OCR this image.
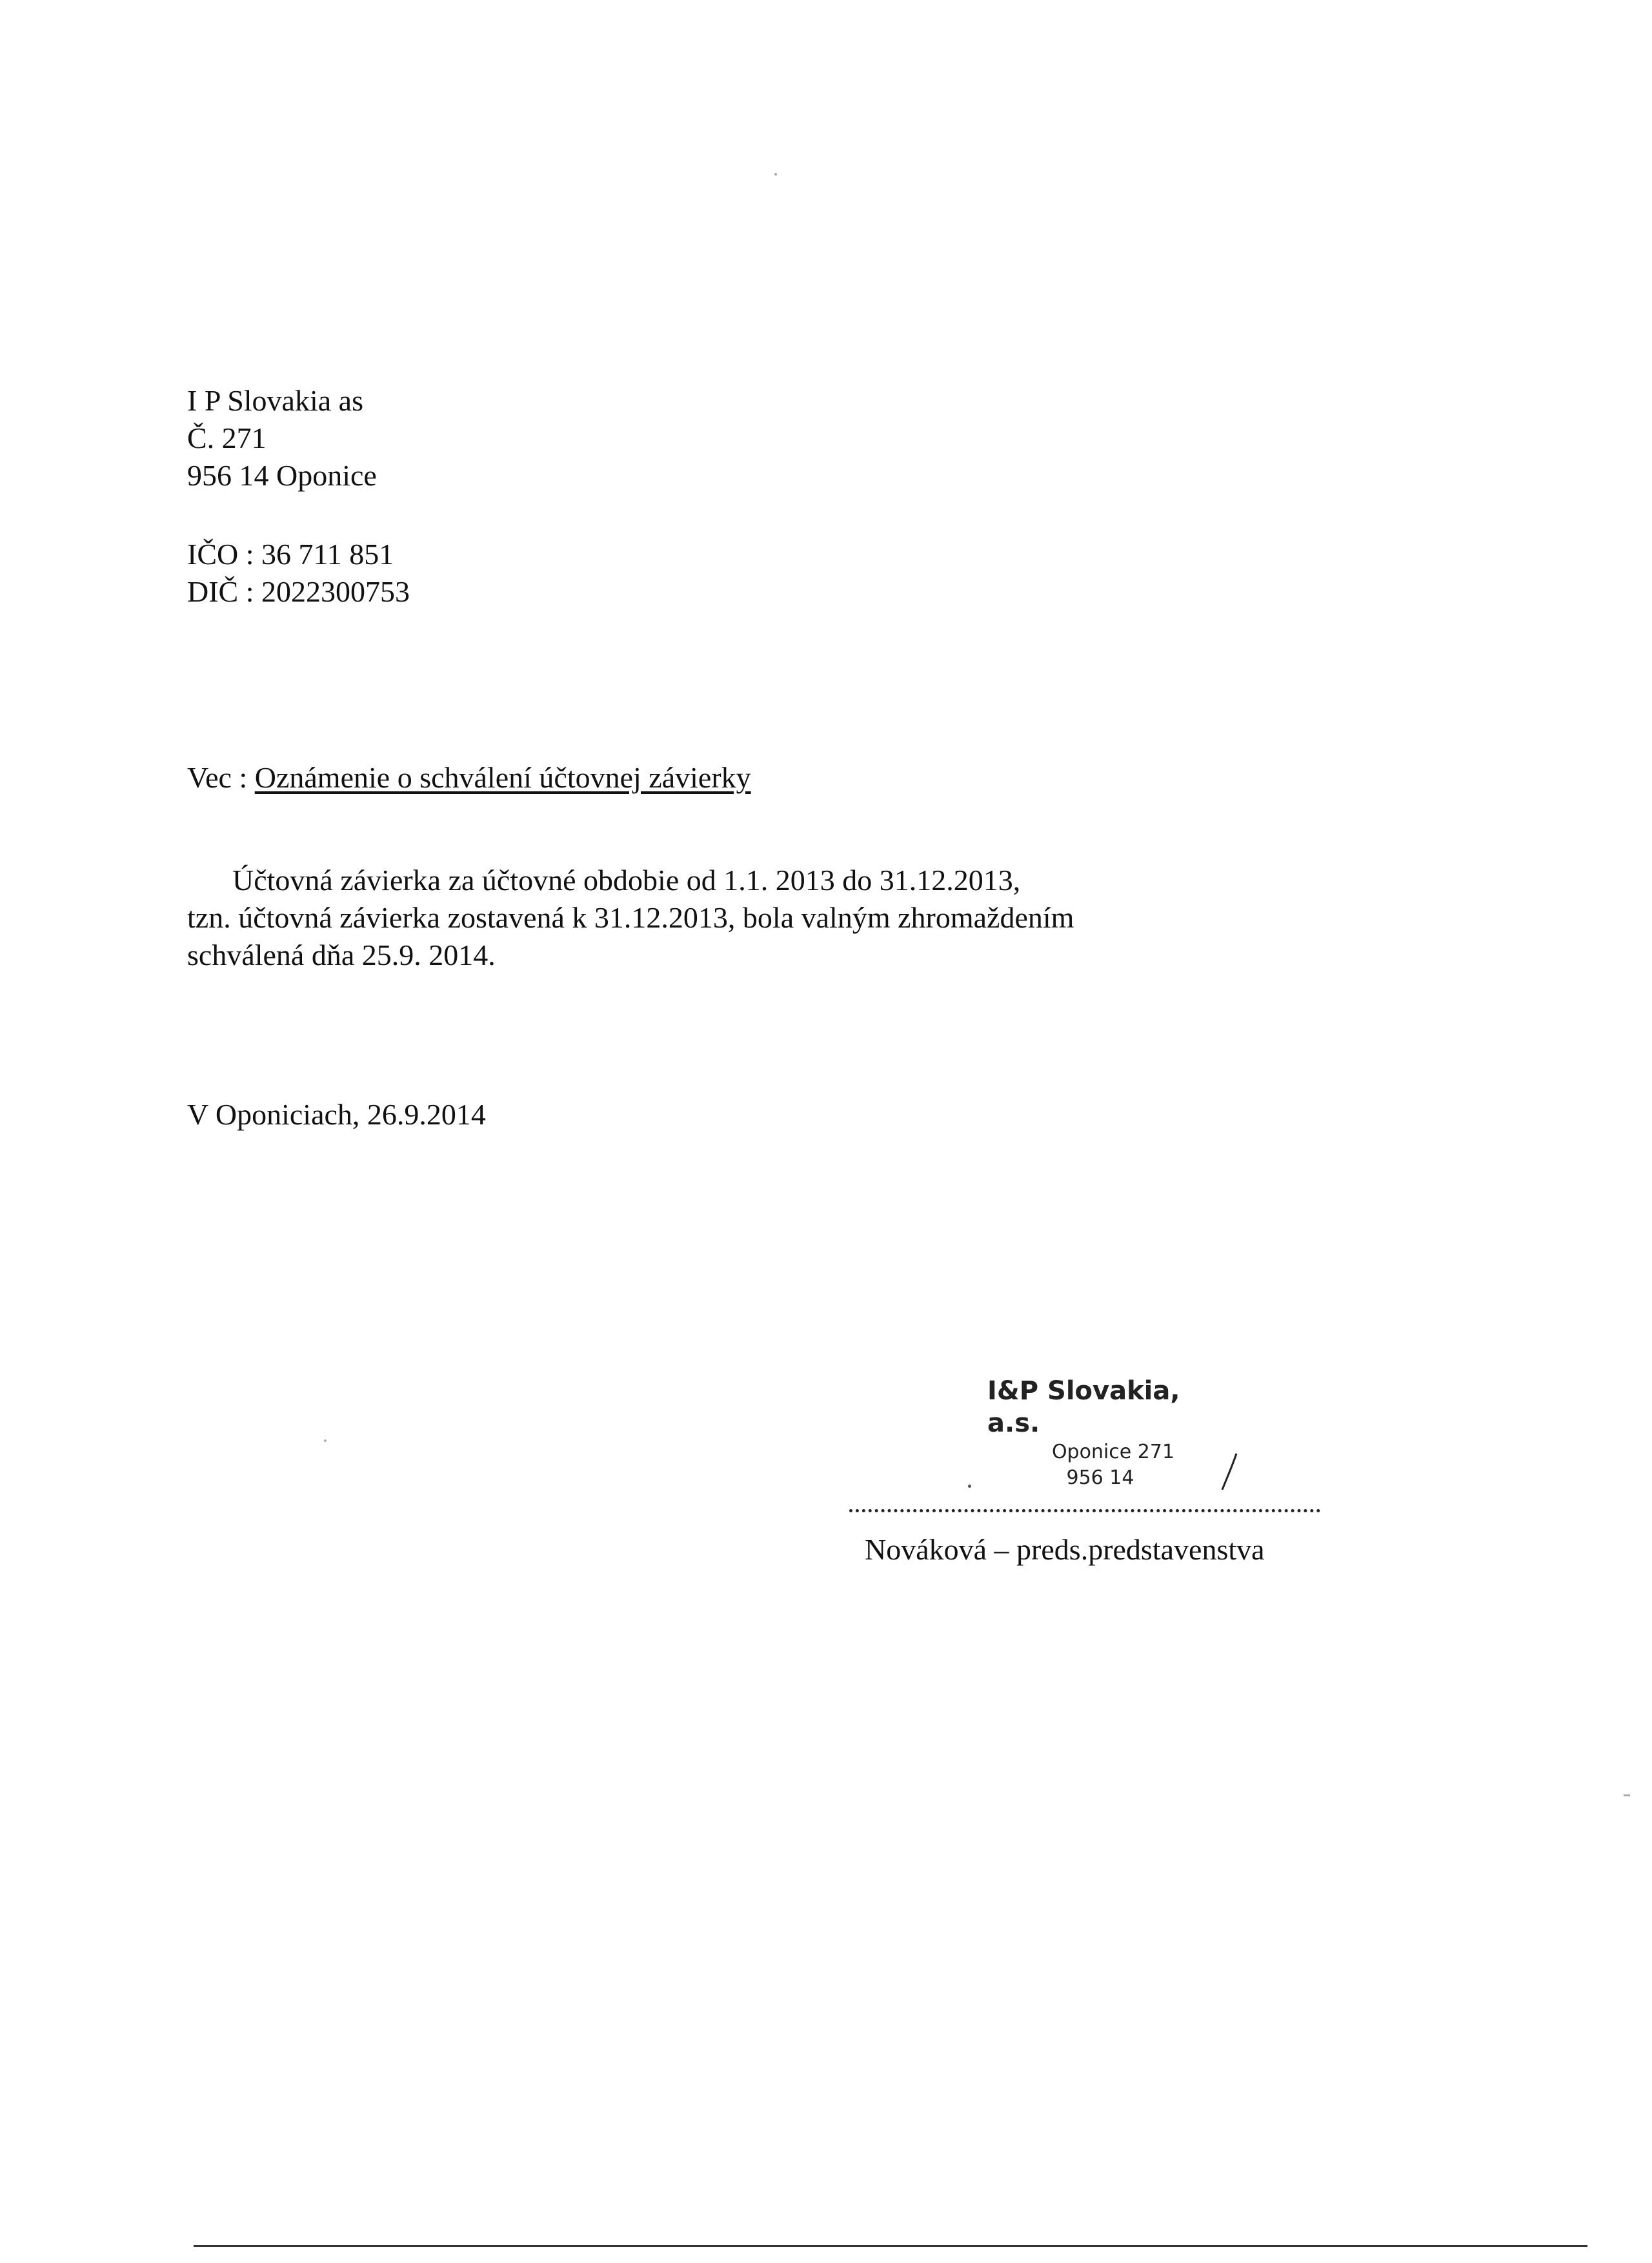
I P Slovakia as
Č. 271
956 14 Oponice
IČO : 36 711 851
DIČ : 2022300753
Vec : Oznámenie o schválení účtovnej závierky
Účtovná závierka za účtovné obdobie od 1.1. 2013 do 31.12.2013,
tzn. účtovná závierka zostavená k 31.12.2013, bola valným zhromaždením
schválená dňa 25.9. 2014.
V Oponiciach, 26.9.2014
I&P Slovakia, a.s.
Oponice 271
956 14
Nováková – preds.predstavenstva
